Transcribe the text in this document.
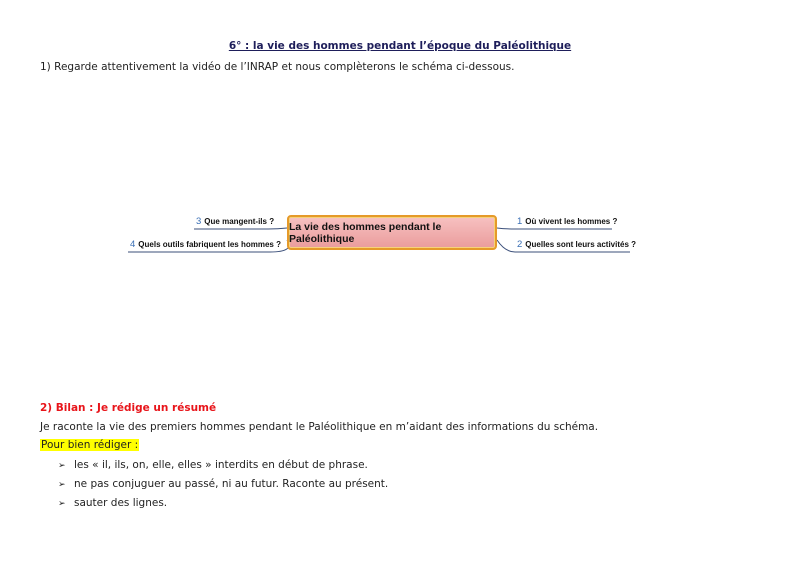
6° : la vie des hommes pendant l’époque du Paléolithique
1) Regarde attentivement la vidéo de l’INRAP et nous complèterons le schéma ci-dessous.
La vie des hommes pendant le Paléolithique
1 Où vivent les hommes ?
2 Quelles sont leurs activités ?
3 Que mangent-ils ?
4 Quels outils fabriquent les hommes ?
2) Bilan : Je rédige un résumé
Je raconte la vie des premiers hommes pendant le Paléolithique en m’aidant des informations du schéma.
Pour bien rédiger :
➢ les « il, ils, on, elle, elles » interdits en début de phrase.
➢ ne pas conjuguer au passé, ni au futur. Raconte au présent.
➢ sauter des lignes.
